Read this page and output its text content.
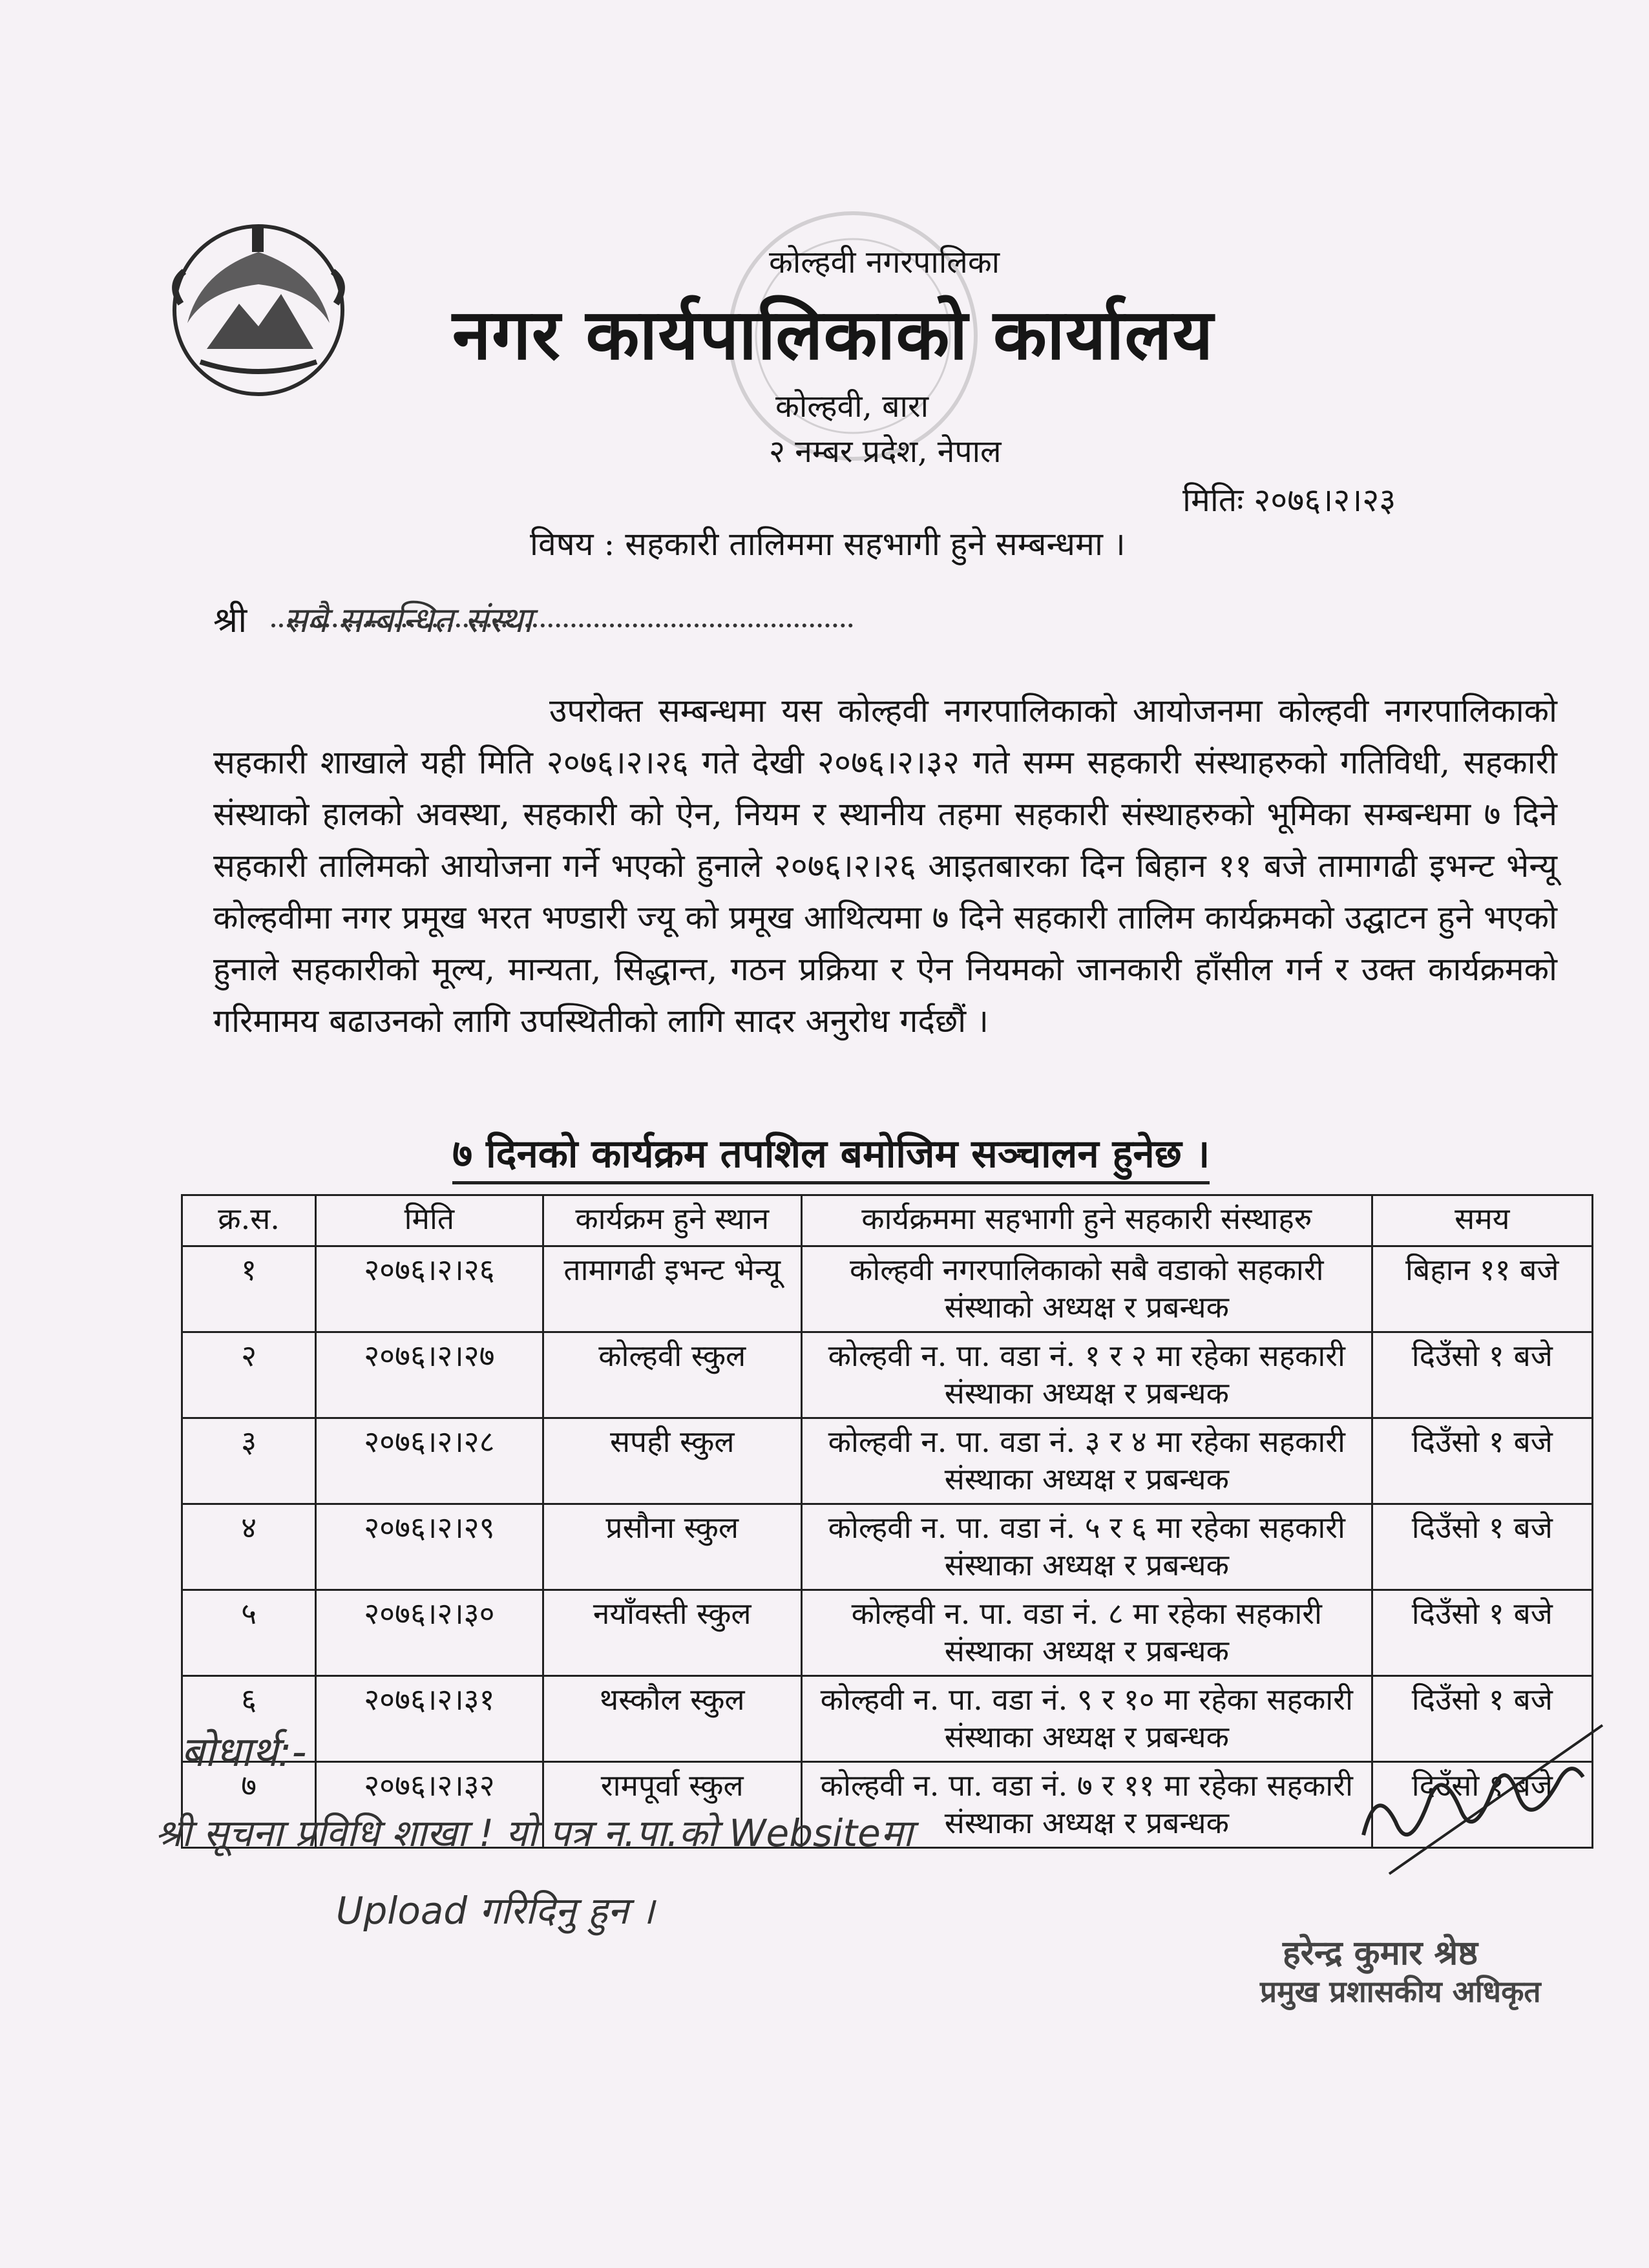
कोल्हवी नगरपालिका
नगर कार्यपालिकाको कार्यालय
कोल्हवी, बारा
२ नम्बर प्रदेश, नेपाल
मितिः २०७६।२।२३
विषय : सहकारी तालिममा सहभागी हुने सम्बन्धमा ।
श्री सबै सम्बन्धित संस्था
उपरोक्त सम्बन्धमा यस कोल्हवी नगरपालिकाको आयोजनमा कोल्हवी नगरपालिकाको सहकारी शाखाले यही मिति २०७६।२।२६ गते देखी २०७६।२।३२ गते सम्म सहकारी संस्थाहरुको गतिविधी, सहकारी संस्थाको हालको अवस्था, सहकारी को ऐन, नियम र स्थानीय तहमा सहकारी संस्थाहरुको भूमिका सम्बन्धमा ७ दिने सहकारी तालिमको आयोजना गर्ने भएको हुनाले २०७६।२।२६ आइतबारका दिन बिहान ११ बजे तामागढी इभन्ट भेन्यू कोल्हवीमा नगर प्रमूख भरत भण्डारी ज्यू को प्रमूख आथित्यमा ७ दिने सहकारी तालिम कार्यक्रमको उद्घाटन हुने भएको हुनाले सहकारीको मूल्य, मान्यता, सिद्धान्त, गठन प्रक्रिया र ऐन नियमको जानकारी हाँसील गर्न र उक्त कार्यक्रमको गरिमामय बढाउनको लागि उपस्थितीको लागि सादर अनुरोध गर्दछौं ।
७ दिनको कार्यक्रम तपशिल बमोजिम सञ्चालन हुनेछ ।
क्र.स.	मिति	कार्यक्रम हुने स्थान	कार्यक्रममा सहभागी हुने सहकारी संस्थाहरु	समय
१	२०७६।२।२६	तामागढी इभन्ट भेन्यू	कोल्हवी नगरपालिकाको सबै वडाको सहकारी संस्थाको अध्यक्ष र प्रबन्धक	बिहान ११ बजे
२	२०७६।२।२७	कोल्हवी स्कुल	कोल्हवी न. पा. वडा नं. १ र २ मा रहेका सहकारी संस्थाका अध्यक्ष र प्रबन्धक	दिउँसो १ बजे
३	२०७६।२।२८	सपही स्कुल	कोल्हवी न. पा. वडा नं. ३ र ४ मा रहेका सहकारी संस्थाका अध्यक्ष र प्रबन्धक	दिउँसो १ बजे
४	२०७६।२।२९	प्रसौना स्कुल	कोल्हवी न. पा. वडा नं. ५ र ६ मा रहेका सहकारी संस्थाका अध्यक्ष र प्रबन्धक	दिउँसो १ बजे
५	२०७६।२।३०	नयाँवस्ती स्कुल	कोल्हवी न. पा. वडा नं. ८ मा रहेका सहकारी संस्थाका अध्यक्ष र प्रबन्धक	दिउँसो १ बजे
६	२०७६।२।३१	थस्कौल स्कुल	कोल्हवी न. पा. वडा नं. ९ र १० मा रहेका सहकारी संस्थाका अध्यक्ष र प्रबन्धक	दिउँसो १ बजे
७	२०७६।२।३२	रामपूर्वा स्कुल	कोल्हवी न. पा. वडा नं. ७ र ११ मा रहेका सहकारी संस्थाका अध्यक्ष र प्रबन्धक	दिउँसो १ बजे
बोधार्थ:-
श्री सूचना प्रविधि शाखा ! यो पत्र न.पा.को Websiteमा
Upload गरिदिनु हुन ।
हरेन्द्र कुमार श्रेष्ठ
प्रमुख प्रशासकीय अधिकृत
